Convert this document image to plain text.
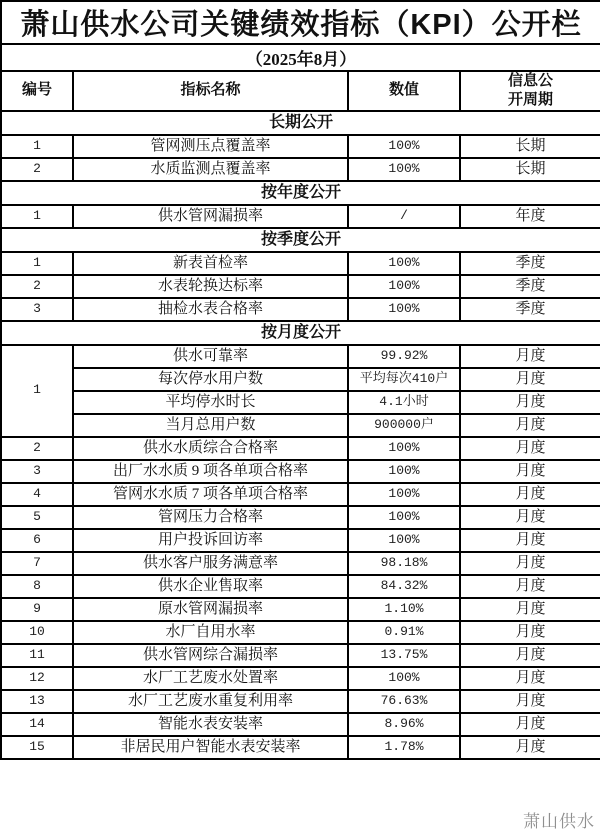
萧山供水公司关键绩效指标（KPI）公开栏			
（2025年8月）			
编号	指标名称	数值	信息公开周期
长期公开			
1	管网测压点覆盖率	100%	长期
2	水质监测点覆盖率	100%	长期
按年度公开			
1	供水管网漏损率	/	年度
按季度公开			
1	新表首检率	100%	季度
2	水表轮换达标率	100%	季度
3	抽检水表合格率	100%	季度
按月度公开			
1	供水可靠率	99.92%	月度
	每次停水用户数	平均每次410户	月度
	平均停水时长	4.1小时	月度
	当月总用户数	900000户	月度
2	供水水质综合合格率	100%	月度
3	出厂水水质 9 项各单项合格率	100%	月度
4	管网水水质 7 项各单项合格率	100%	月度
5	管网压力合格率	100%	月度
6	用户投诉回访率	100%	月度
7	供水客户服务满意率	98.18%	月度
8	供水企业售取率	84.32%	月度
9	原水管网漏损率	1.10%	月度
10	水厂自用水率	0.91%	月度
11	供水管网综合漏损率	13.75%	月度
12	水厂工艺废水处置率	100%	月度
13	水厂工艺废水重复利用率	76.63%	月度
14	智能水表安装率	8.96%	月度
15	非居民用户智能水表安装率	1.78%	月度
萧山供水
